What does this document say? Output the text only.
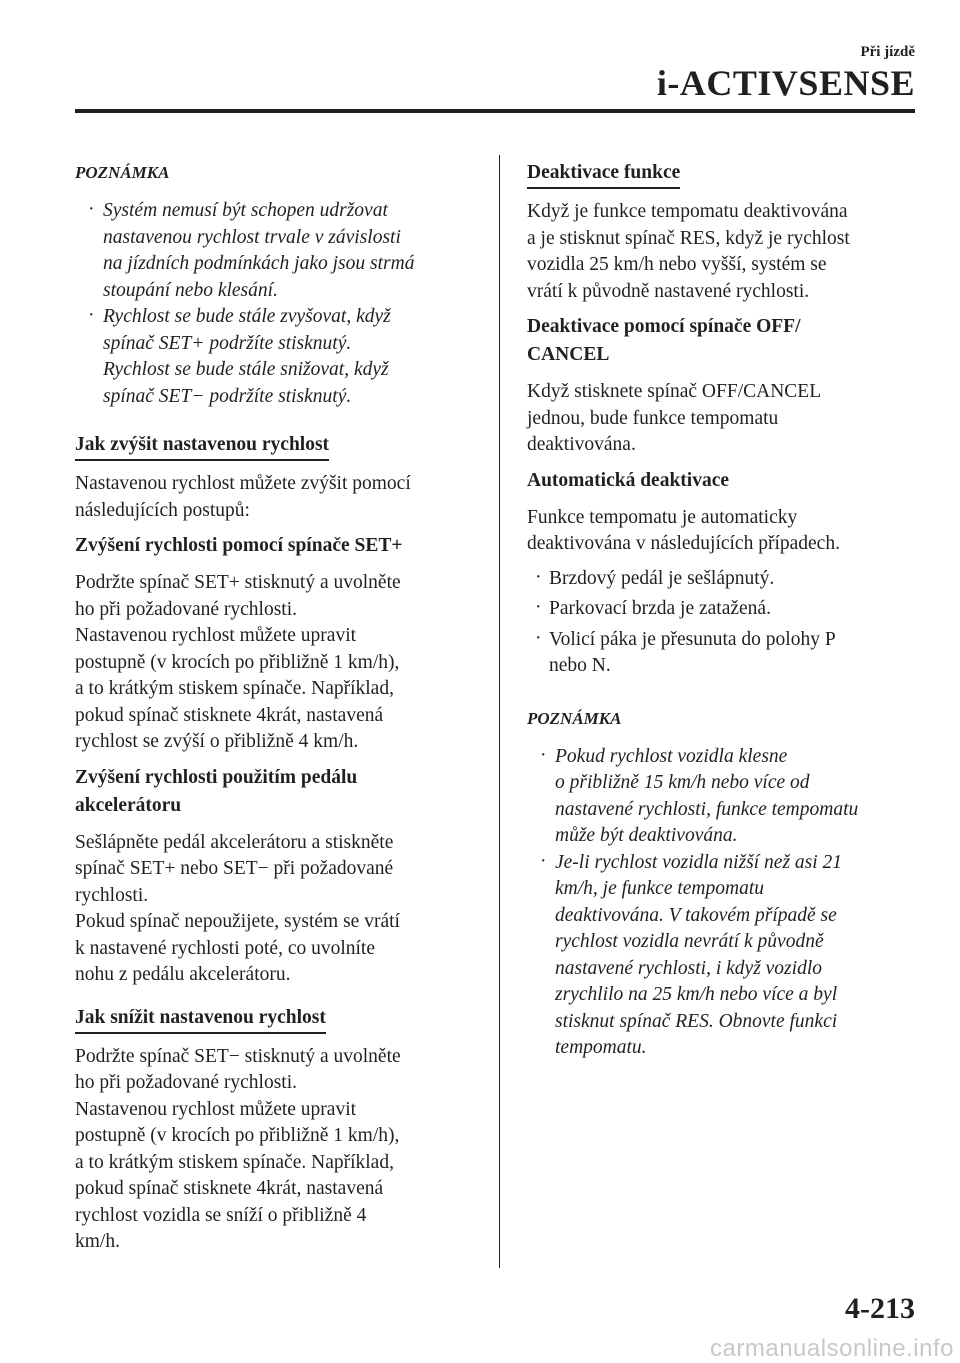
Při jízdě
i-ACTIVSENSE
POZNÁMKA
· Systém nemusí být schopen udržovat
nastavenou rychlost trvale v závislosti
na jízdních podmínkách jako jsou strmá
stoupání nebo klesání.
· Rychlost se bude stále zvyšovat, když
spínač SET+ podržíte stisknutý.
Rychlost se bude stále snižovat, když
spínač SET− podržíte stisknutý.
Jak zvýšit nastavenou rychlost
Nastavenou rychlost můžete zvýšit pomocí
následujících postupů:
Zvýšení rychlosti pomocí spínače SET+
Podržte spínač SET+ stisknutý a uvolněte
ho při požadované rychlosti.
Nastavenou rychlost můžete upravit
postupně (v krocích po přibližně 1 km/h),
a to krátkým stiskem spínače. Například,
pokud spínač stisknete 4krát, nastavená
rychlost se zvýší o přibližně 4 km/h.
Zvýšení rychlosti použitím pedálu
akcelerátoru
Sešlápněte pedál akcelerátoru a stiskněte
spínač SET+ nebo SET− při požadované
rychlosti.
Pokud spínač nepoužijete, systém se vrátí
k nastavené rychlosti poté, co uvolníte
nohu z pedálu akcelerátoru.
Jak snížit nastavenou rychlost
Podržte spínač SET− stisknutý a uvolněte
ho při požadované rychlosti.
Nastavenou rychlost můžete upravit
postupně (v krocích po přibližně 1 km/h),
a to krátkým stiskem spínače. Například,
pokud spínač stisknete 4krát, nastavená
rychlost vozidla se sníží o přibližně 4
km/h.
Deaktivace funkce
Když je funkce tempomatu deaktivována
a je stisknut spínač RES, když je rychlost
vozidla 25 km/h nebo vyšší, systém se
vrátí k původně nastavené rychlosti.
Deaktivace pomocí spínače OFF/
CANCEL
Když stisknete spínač OFF/CANCEL
jednou, bude funkce tempomatu
deaktivována.
Automatická deaktivace
Funkce tempomatu je automaticky
deaktivována v následujících případech.
· Brzdový pedál je sešlápnutý.
· Parkovací brzda je zatažená.
· Volicí páka je přesunuta do polohy P
nebo N.
POZNÁMKA
· Pokud rychlost vozidla klesne
o přibližně 15 km/h nebo více od
nastavené rychlosti, funkce tempomatu
může být deaktivována.
· Je-li rychlost vozidla nižší než asi 21
km/h, je funkce tempomatu
deaktivována. V takovém případě se
rychlost vozidla nevrátí k původně
nastavené rychlosti, i když vozidlo
zrychlilo na 25 km/h nebo více a byl
stisknut spínač RES. Obnovte funkci
tempomatu.
4-213
carmanualsonline.info
